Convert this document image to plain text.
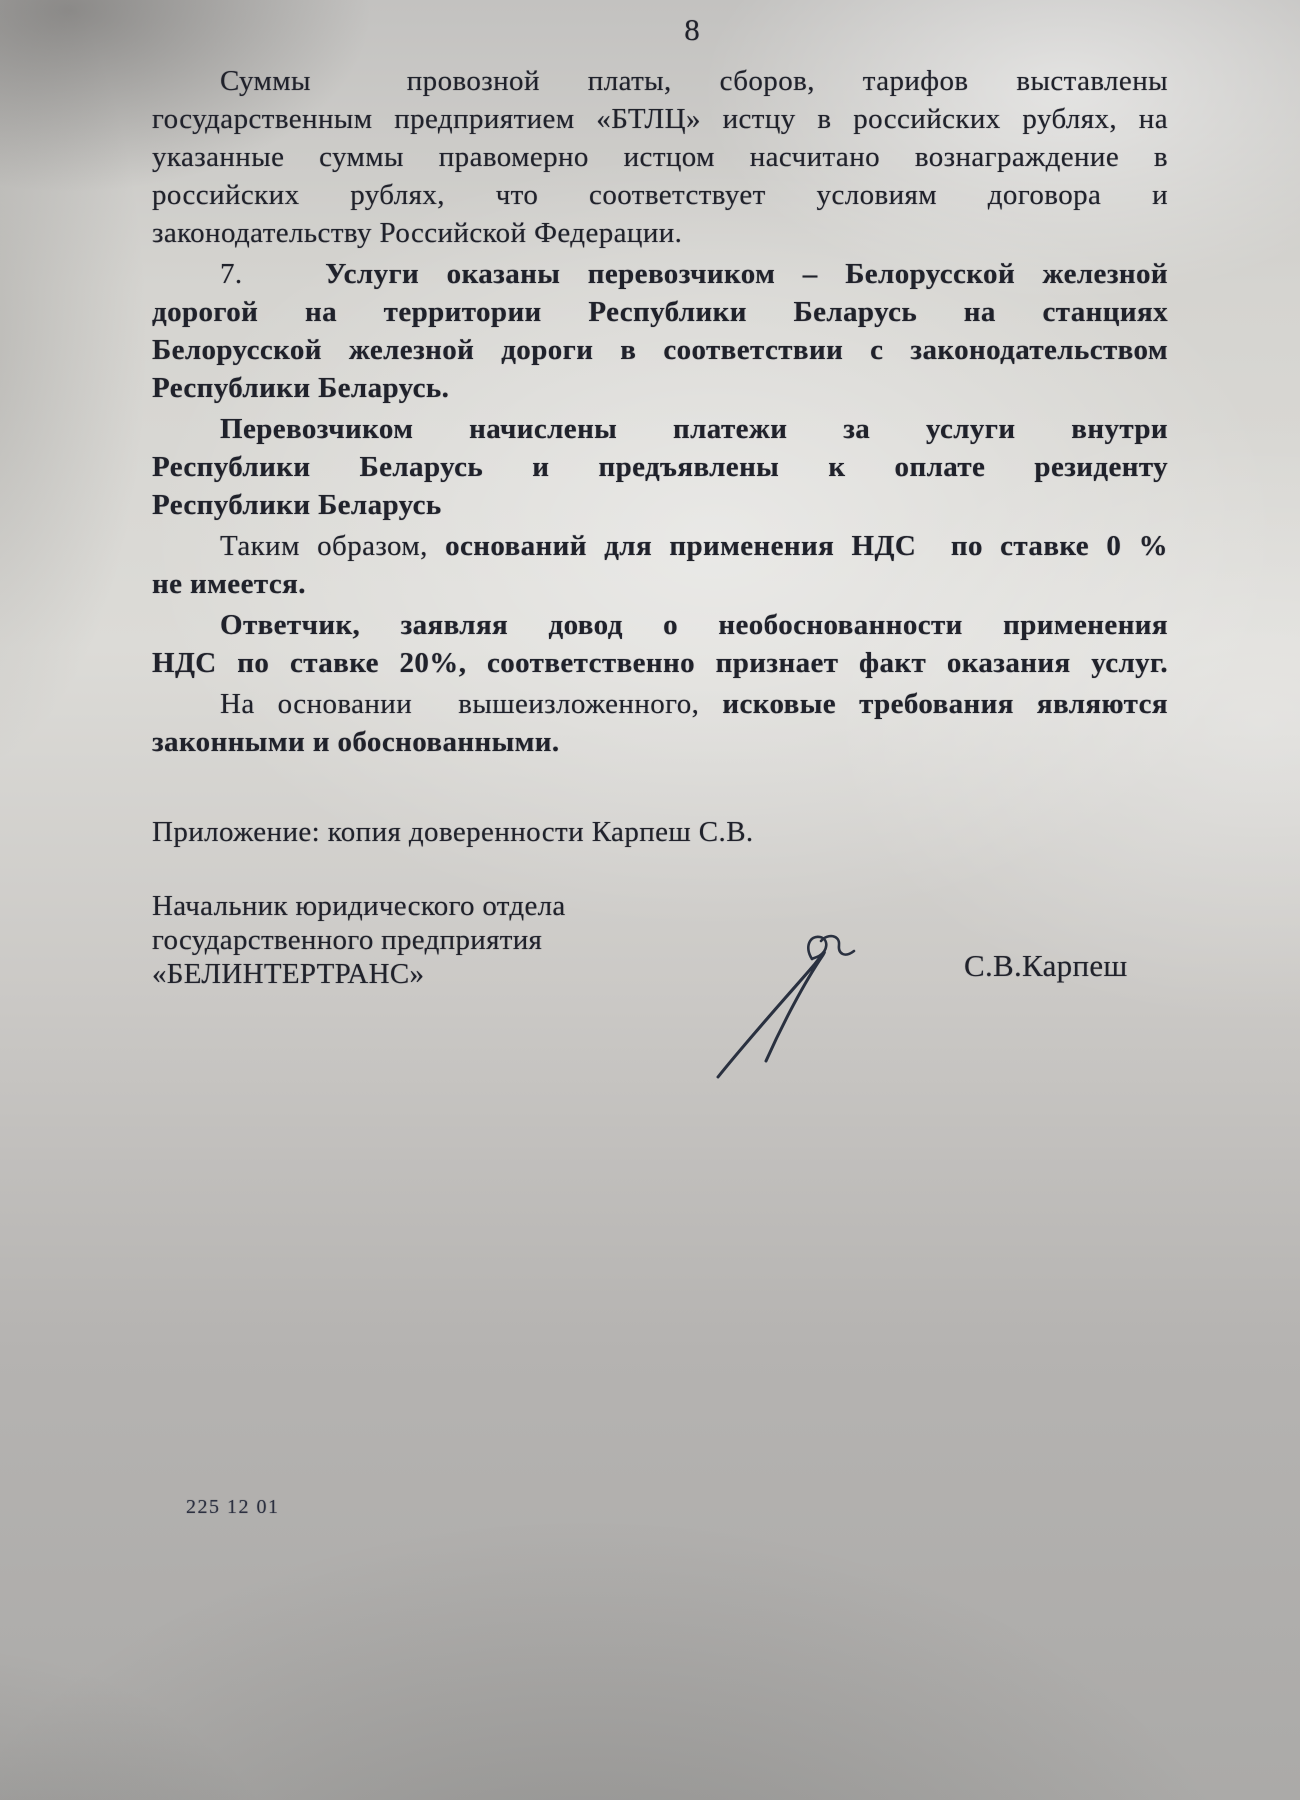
8
Суммы  провозной платы, сборов, тарифов выставлены
государственным предприятием «БТЛЦ» истцу в российских рублях, на
указанные суммы правомерно истцом насчитано вознаграждение в
российских рублях, что соответствует условиям договора и
законодательству Российской Федерации.
7.   Услуги оказаны перевозчиком – Белорусской железной
дорогой на территории Республики Беларусь на станциях
Белорусской железной дороги в соответствии с законодательством
Республики Беларусь.
Перевозчиком начислены платежи за услуги внутри
Республики Беларусь и предъявлены к оплате резиденту
Республики Беларусь
Таким образом, оснований для применения НДС  по ставке 0 %
не имеется.
Ответчик, заявляя довод о необоснованности применения
НДС по ставке 20%, соответственно признает факт оказания услуг.
На основании  вышеизложенного, исковые требования являются
законными и обоснованными.
Приложение: копия доверенности Карпеш С.В.
Начальник юридического отдела
государственного предприятия
«БЕЛИНТЕРТРАНС»	С.В.Карпеш
225 12 01
